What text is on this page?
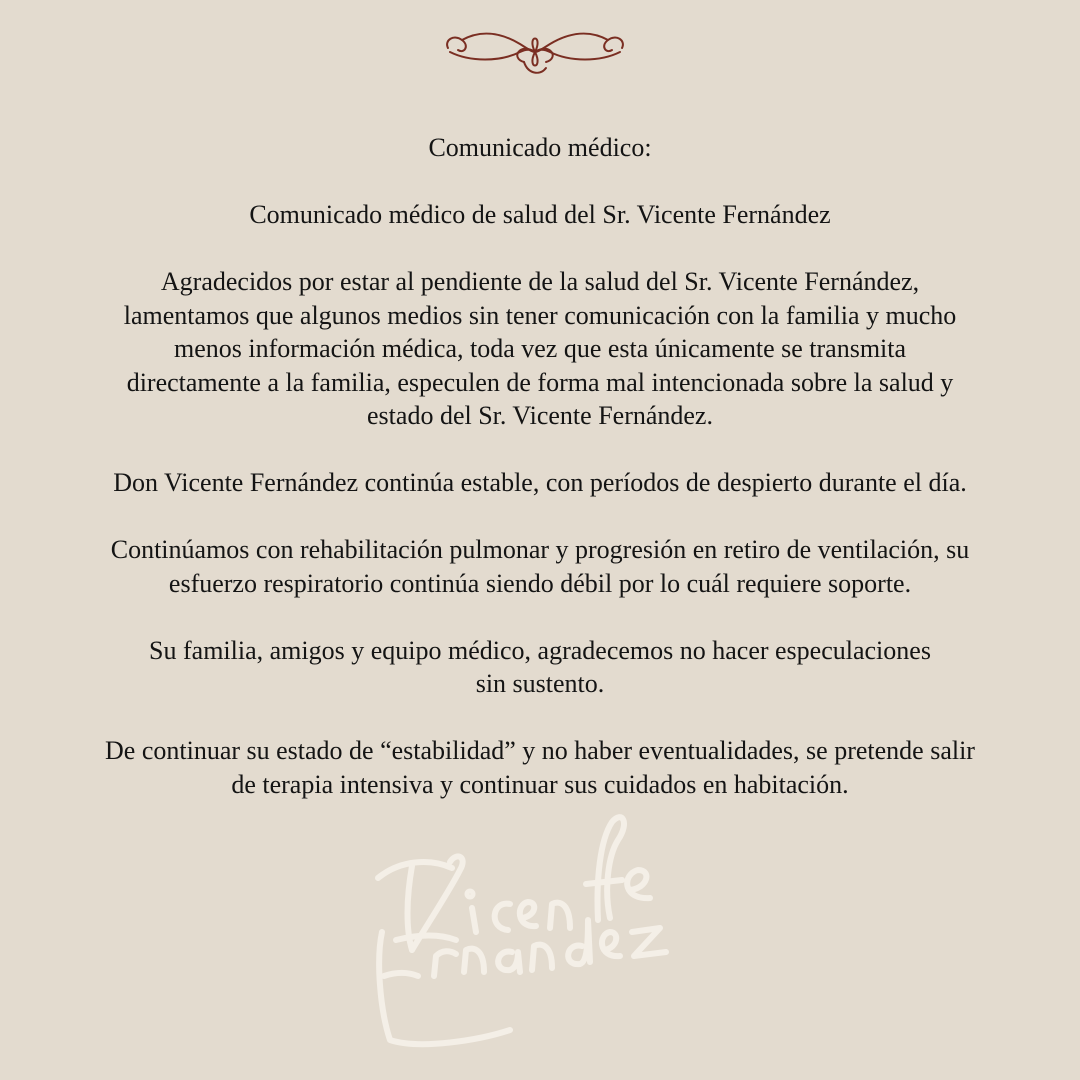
Comunicado médico:

Comunicado médico de salud del Sr. Vicente Fernández

Agradecidos por estar al pendiente de la salud del Sr. Vicente Fernández,
lamentamos que algunos medios sin tener comunicación con la familia y mucho
menos información médica, toda vez que esta únicamente se transmita
directamente a la familia, especulen de forma mal intencionada sobre la salud y
estado del Sr. Vicente Fernández.

Don Vicente Fernández continúa estable, con períodos de despierto durante el día.

Continúamos con rehabilitación pulmonar y progresión en retiro de ventilación, su
esfuerzo respiratorio continúa siendo débil por lo cuál requiere soporte.

Su familia, amigos y equipo médico, agradecemos no hacer especulaciones
sin sustento.

De continuar su estado de “estabilidad” y no haber eventualidades, se pretende salir
de terapia intensiva y continuar sus cuidados en habitación.
